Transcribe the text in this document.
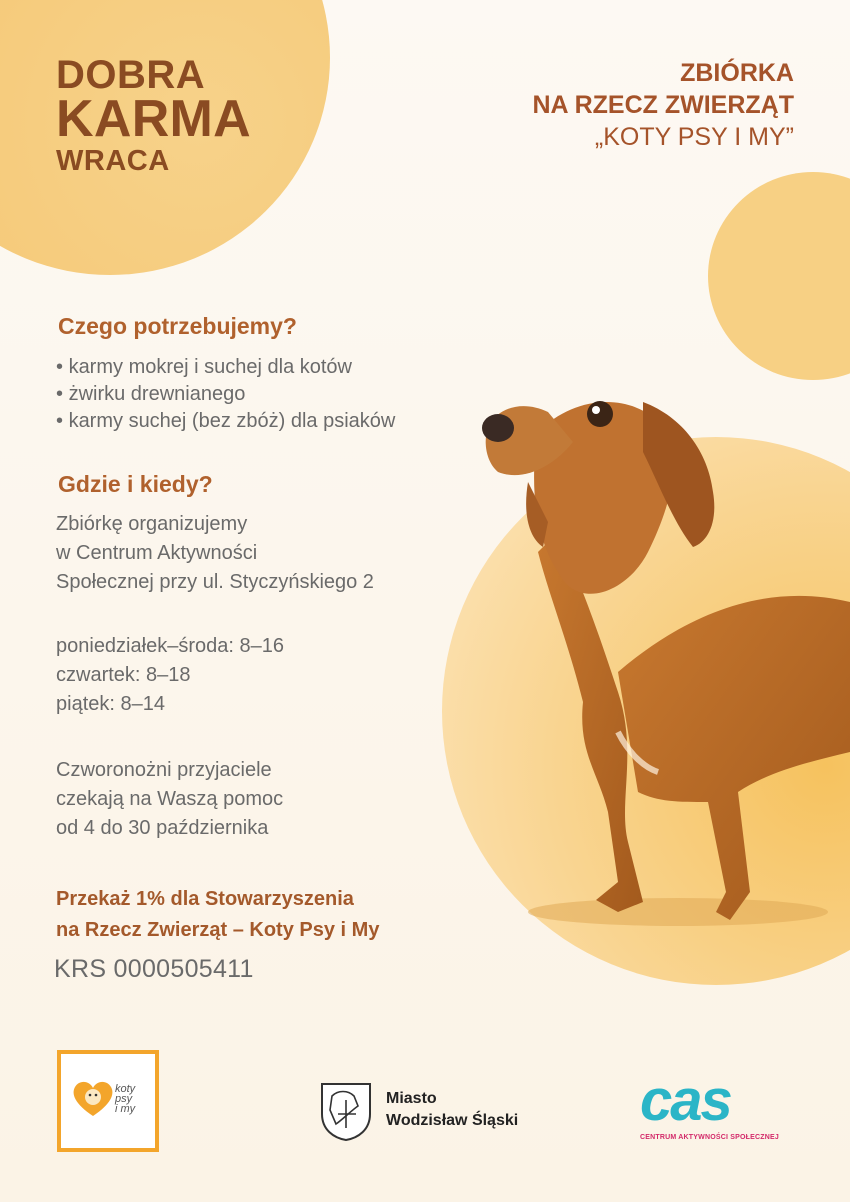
DOBRA
KARMA
WRACA
ZBIÓRKA
NA RZECZ ZWIERZĄT
„KOTY PSY I MY”
Czego potrzebujemy?
• karmy mokrej i suchej dla kotów
• żwirku drewnianego
• karmy suchej (bez zbóż) dla psiaków
Gdzie i kiedy?
Zbiórkę organizujemy
w Centrum Aktywności
Społecznej przy ul. Styczyńskiego 2
poniedziałek–środa: 8–16
czwartek: 8–18
piątek: 8–14
Czworonożni przyjaciele
czekają na Waszą pomoc
od 4 do 30 października
Przekaż 1% dla Stowarzyszenia
na Rzecz Zwierząt – Koty Psy i My
KRS 0000505411
koty
psy
i my
Miasto
Wodzisław Śląski cas
CENTRUM AKTYWNOŚCI SPOŁECZNEJ
